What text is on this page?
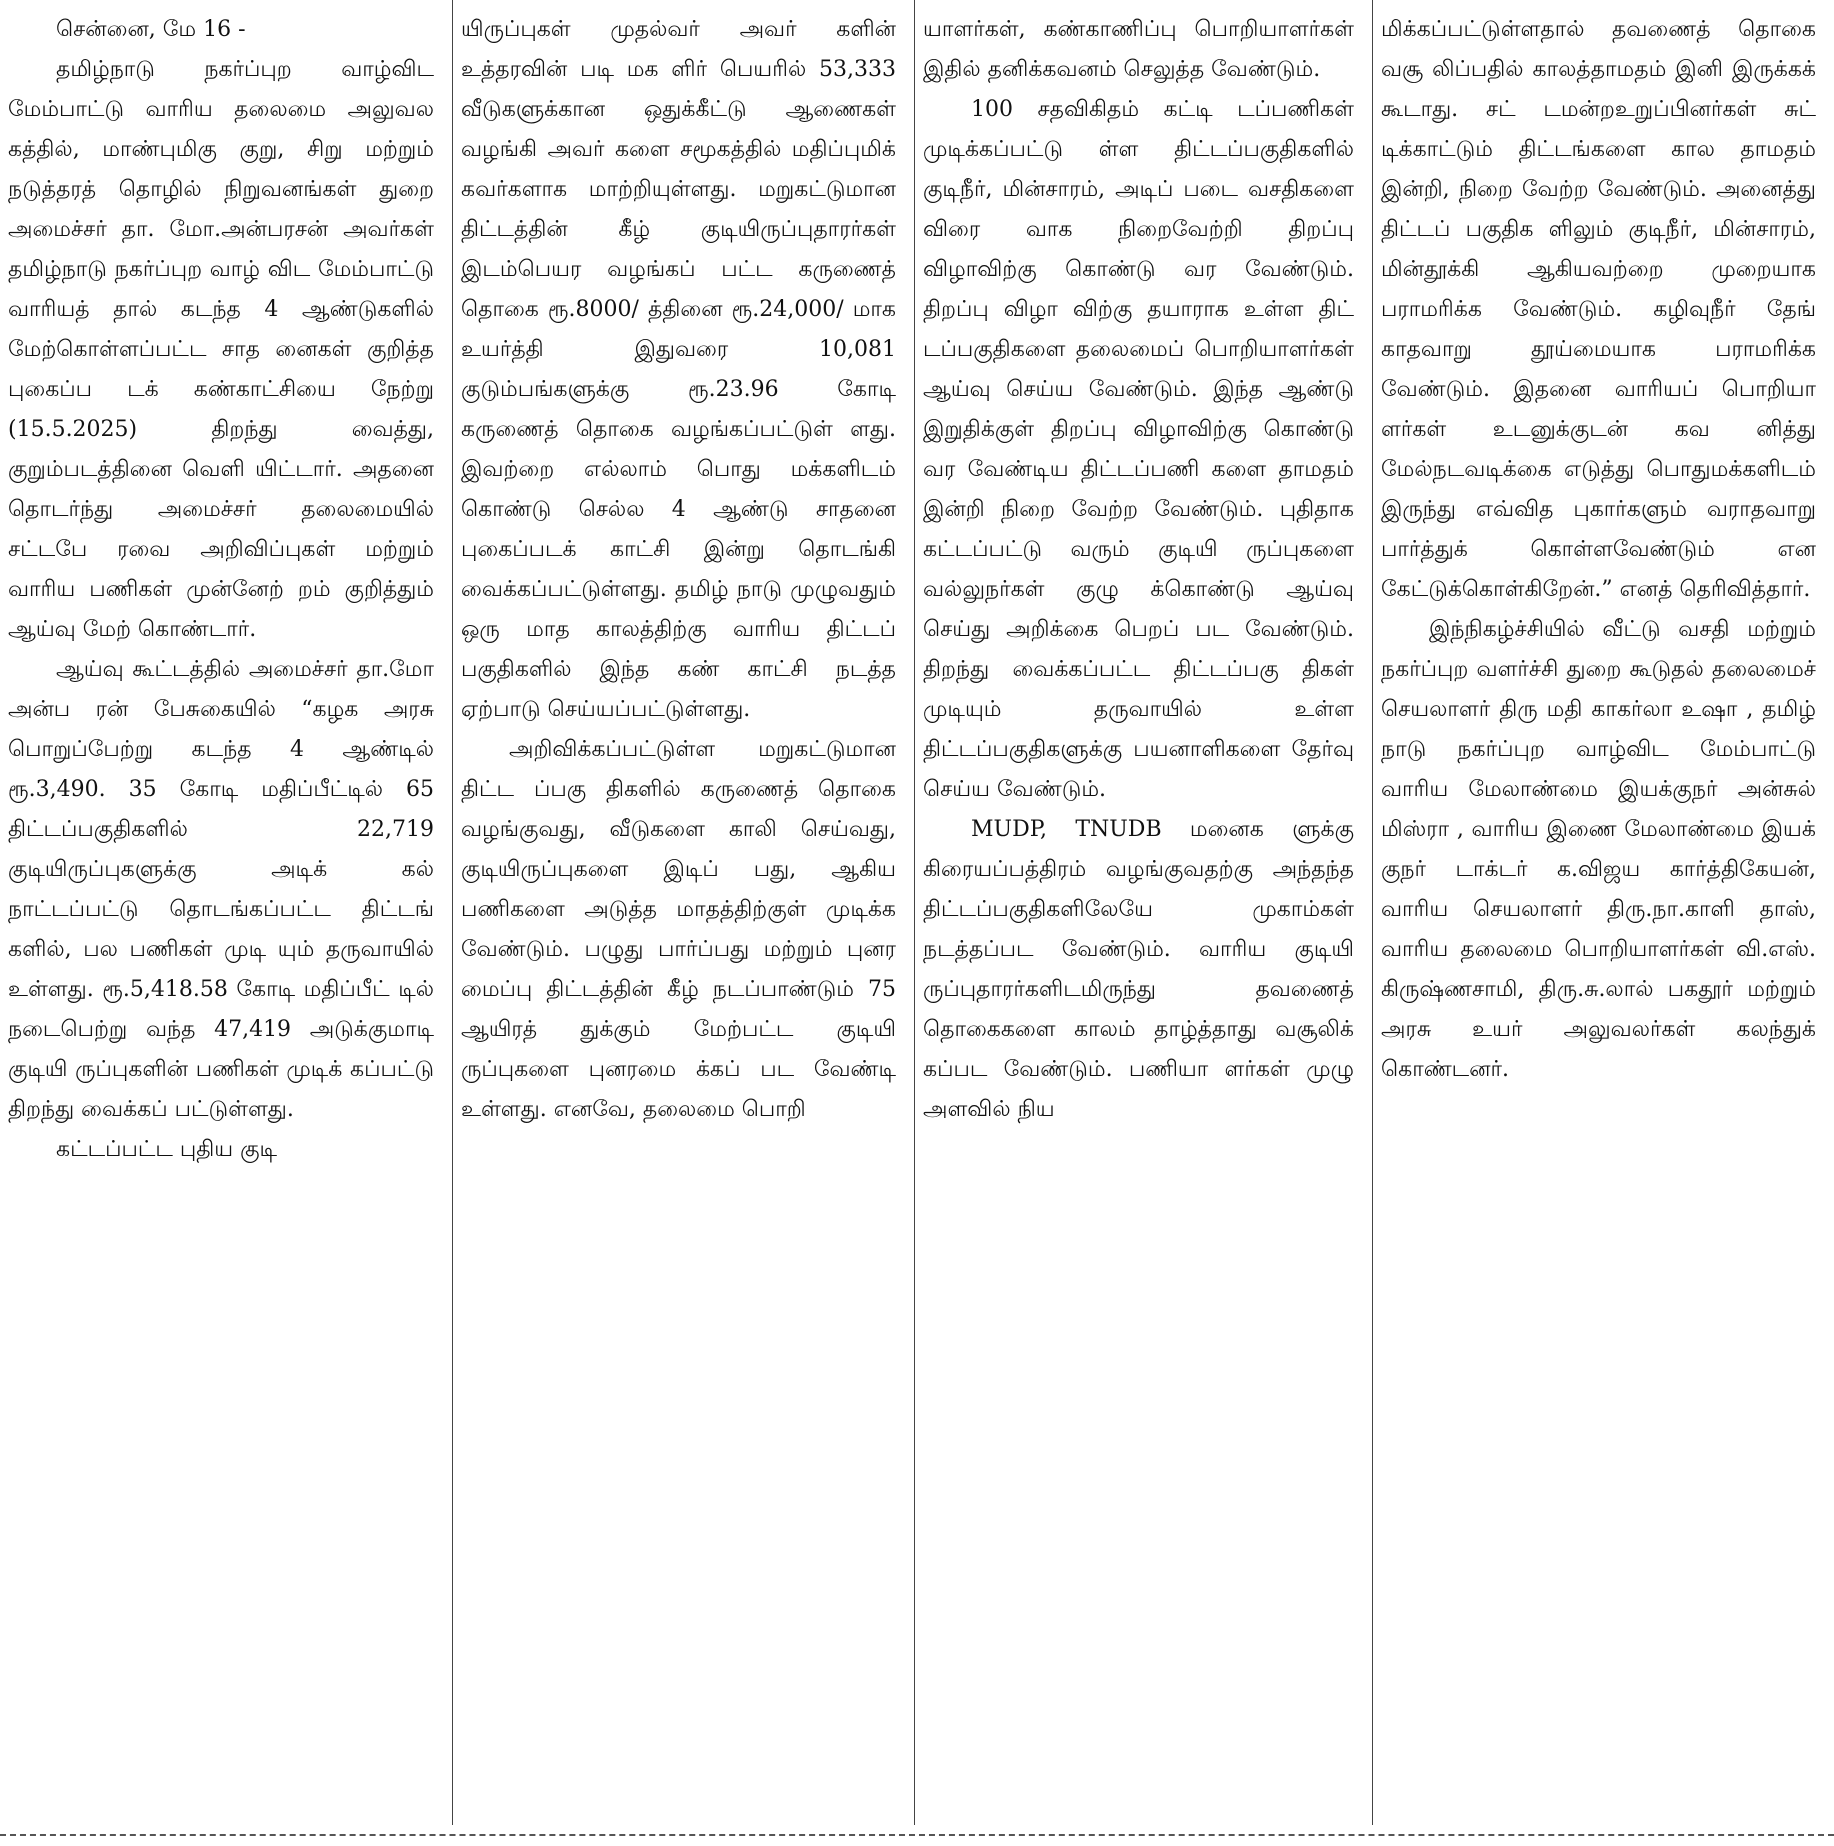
சென்னை, மே 16 -

தமிழ்நாடு நகர்ப்புற வாழ்விட மேம்பாட்டு வாரிய தலைமை அலுவல கத்தில், மாண்புமிகு குறு, சிறு மற்றும் நடுத்தரத் தொழில் நிறுவனங்கள் துறை அமைச்சர் தா. மோ.அன்பரசன் அவர்கள் தமிழ்நாடு நகர்ப்புற வாழ் விட மேம்பாட்டு வாரியத் தால் கடந்த 4 ஆண்டுகளில் மேற்கொள்ளப்பட்ட சாத னைகள் குறித்த புகைப்ப டக் கண்காட்சியை நேற்று (15.5.2025) திறந்து வைத்து, குறும்படத்தினை வெளி யிட்டார். அதனை தொடர்ந்து அமைச்சர் தலைமையில் சட்டபே ரவை அறிவிப்புகள் மற்றும் வாரிய பணிகள் முன்னேற் றம் குறித்தும் ஆய்வு மேற் கொண்டார்.

ஆய்வு கூட்டத்தில் அமைச்சர் தா.மோ அன்ப ரன் பேசுகையில் “கழக அரசு பொறுப்பேற்று கடந்த 4 ஆண்டில் ரூ.3,490. 35 கோடி மதிப்பீட்டில் 65 திட்டப்பகுதிகளில் 22,719 குடியிருப்புகளுக்கு அடிக் கல் நாட்டப்பட்டு தொடங்கப்பட்ட திட்டங் களில், பல பணிகள் முடி யும் தருவாயில் உள்ளது. ரூ.5,418.58 கோடி மதிப்பீட் டில் நடைபெற்று வந்த 47,419 அடுக்குமாடி குடியி ருப்புகளின் பணிகள் முடிக் கப்பட்டு திறந்து வைக்கப் பட்டுள்ளது.

கட்டப்பட்ட புதிய குடி

யிருப்புகள் முதல்வர் அவர் களின் உத்தரவின் படி மக ளிர் பெயரில் 53,333 வீடுகளுக்கான ஒதுக்கீட்டு ஆணைகள் வழங்கி அவர் களை சமூகத்தில் மதிப்புமிக் கவர்களாக மாற்றியுள்ளது. மறுகட்டுமான திட்டத்தின் கீழ் குடியிருப்புதாரர்கள் இடம்பெயர வழங்கப் பட்ட கருணைத் தொகை ரூ.8000/ த்தினை ரூ.24,000/ மாக உயர்த்தி இதுவரை 10,081 குடும்பங்களுக்கு ரூ.23.96 கோடி கருணைத் தொகை வழங்கப்பட்டுள் ளது. இவற்றை எல்லாம் பொது மக்களிடம் கொண்டு செல்ல 4 ஆண்டு சாதனை புகைப்படக் காட்சி இன்று தொடங்கி வைக்கப்பட்டுள்ளது. தமிழ் நாடு முழுவதும் ஒரு மாத காலத்திற்கு வாரிய திட்டப் பகுதிகளில் இந்த கண் காட்சி நடத்த ஏற்பாடு செய்யப்பட்டுள்ளது.

அறிவிக்கப்பட்டுள்ள மறுகட்டுமான திட்ட ப்பகு திகளில் கருணைத் தொகை வழங்குவது, வீடுகளை காலி செய்வது, குடியிருப்புகளை இடிப் பது, ஆகிய பணிகளை அடுத்த மாதத்திற்குள் முடிக்க வேண்டும். பழுது பார்ப்பது மற்றும் புனர மைப்பு திட்டத்தின் கீழ் நடப்பாண்டும் 75 ஆயிரத் துக்கும் மேற்பட்ட குடியி ருப்புகளை புனரமை க்கப் பட வேண்டி உள்ளது. எனவே, தலைமை பொறி

யாளர்கள், கண்காணிப்பு பொறியாளர்கள் இதில் தனிக்கவனம் செலுத்த வேண்டும்.

100 சதவிகிதம் கட்டி டப்பணிகள் முடிக்கப்பட்டு ள்ள திட்டப்பகுதிகளில் குடிநீர், மின்சாரம், அடிப் படை வசதிகளை விரை வாக நிறைவேற்றி திறப்பு விழாவிற்கு கொண்டு வர வேண்டும். திறப்பு விழா விற்கு தயாராக உள்ள திட் டப்பகுதிகளை தலைமைப் பொறியாளர்கள் ஆய்வு செய்ய வேண்டும். இந்த ஆண்டு இறுதிக்குள் திறப்பு விழாவிற்கு கொண்டு வர வேண்டிய திட்டப்பணி களை தாமதம் இன்றி நிறை வேற்ற வேண்டும். புதிதாக கட்டப்பட்டு வரும் குடியி ருப்புகளை வல்லுநர்கள் குழு க்கொண்டு ஆய்வு செய்து அறிக்கை பெறப் பட வேண்டும். திறந்து வைக்கப்பட்ட திட்டப்பகு திகள் முடியும் தருவாயில் உள்ள திட்டப்பகுதிகளுக்கு பயனாளிகளை தேர்வு செய்ய வேண்டும்.

MUDP, TNUDB மனைக ளுக்கு கிரையப்பத்திரம் வழங்குவதற்கு அந்தந்த திட்டப்பகுதிகளிலேயே முகாம்கள் நடத்தப்பட வேண்டும். வாரிய குடியி ருப்புதாரர்களிடமிருந்து தவணைத் தொகைகளை காலம் தாழ்த்தாது வசூலிக் கப்பட வேண்டும். பணியா ளர்கள் முழு அளவில் நிய

மிக்கப்பட்டுள்ளதால் தவணைத் தொகை வசூ லிப்பதில் காலத்தாமதம் இனி இருக்கக் கூடாது. சட் டமன்றஉறுப்பினர்கள் சுட் டிக்காட்டும் திட்டங்களை கால தாமதம் இன்றி, நிறை வேற்ற வேண்டும். அனைத்து திட்டப் பகுதிக ளிலும் குடிநீர், மின்சாரம், மின்தூக்கி ஆகியவற்றை முறையாக பராமரிக்க வேண்டும். கழிவுநீர் தேங் காதவாறு தூய்மையாக பராமரிக்க வேண்டும். இதனை வாரியப் பொறியா ளர்கள் உடனுக்குடன் கவ னித்து மேல்நடவடிக்கை எடுத்து பொதுமக்களிடம் இருந்து எவ்வித புகார்களும் வராதவாறு பார்த்துக் கொள்ளவேண்டும் என கேட்டுக்கொள்கிறேன்.” எனத் தெரிவித்தார்.

இந்நிகழ்ச்சியில் வீட்டு வசதி மற்றும் நகர்ப்புற வளர்ச்சி துறை கூடுதல் தலைமைச் செயலாளர் திரு மதி காகர்லா உஷா , தமிழ் நாடு நகர்ப்புற வாழ்விட மேம்பாட்டு வாரிய மேலாண்மை இயக்குநர் அன்சுல் மிஸ்ரா , வாரிய இணை மேலாண்மை இயக் குநர் டாக்டர் க.விஜய கார்த்திகேயன், வாரிய செயலாளர் திரு.நா.காளி தாஸ், வாரிய தலைமை பொறியாளர்கள் வி.எஸ். கிருஷ்ணசாமி, திரு.சு.லால் பகதூர் மற்றும் அரசு உயர் அலுவலர்கள் கலந்துக் கொண்டனர்.
